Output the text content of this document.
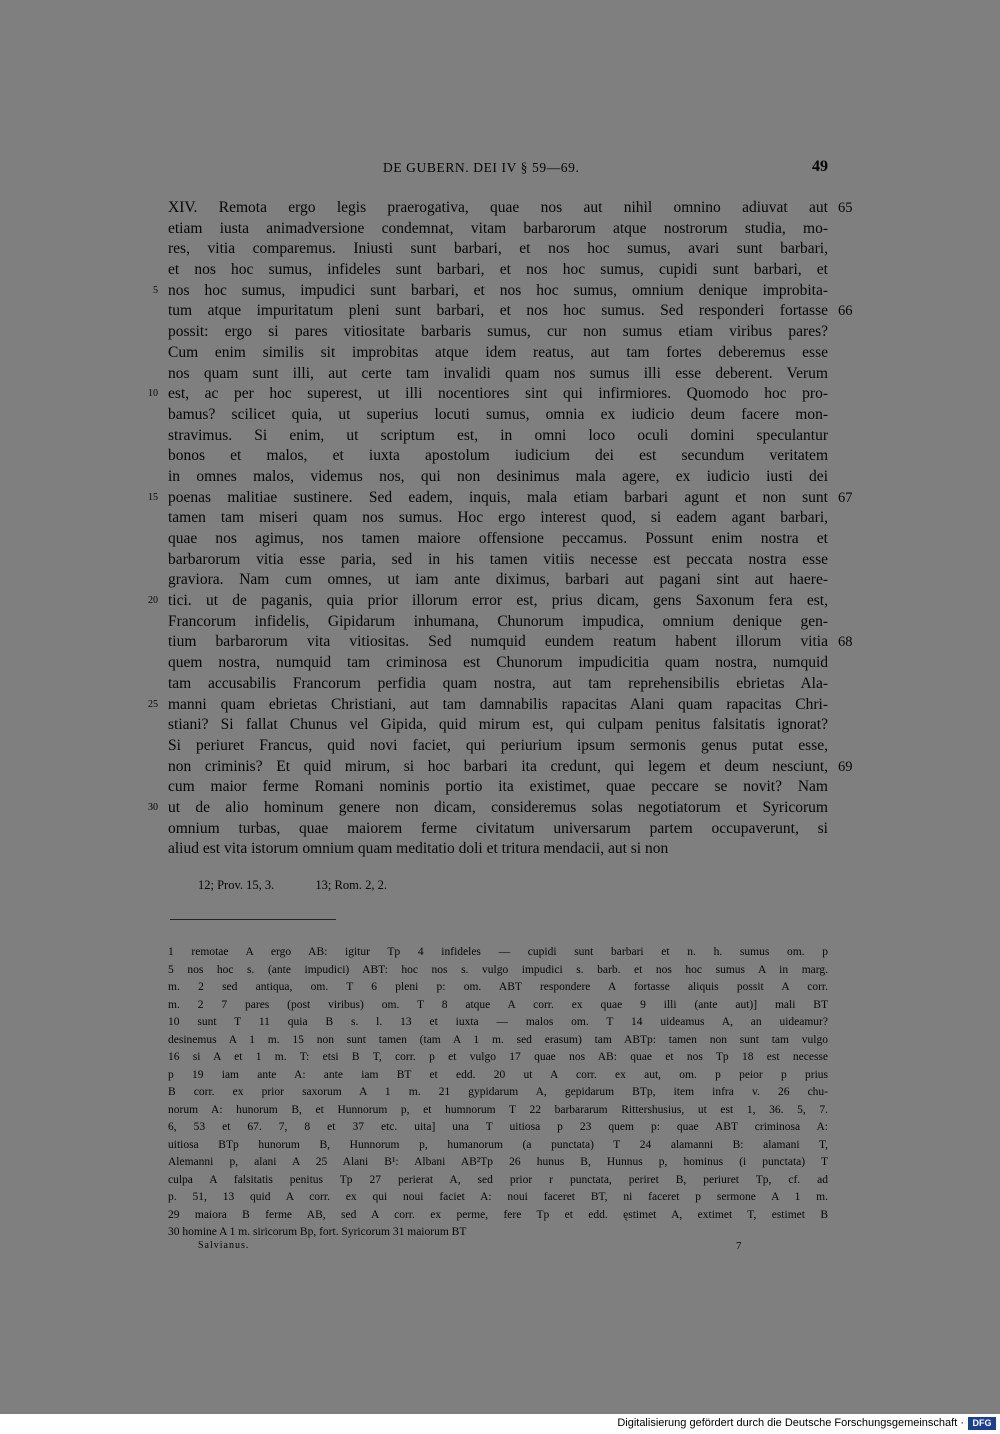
DE GUBERN. DEI IV § 59—69.	49
XIV. Remota ergo legis praerogativa, quae nos aut nihil omnino adiuvat aut 65
etiam iusta animadversione condemnat, vitam barbarorum atque nostrorum studia, mo-
res, vitia comparemus. Iniusti sunt barbari, et nos hoc sumus, avari sunt barbari,
et nos hoc sumus, infideles sunt barbari, et nos hoc sumus, cupidi sunt barbari, et
nos hoc sumus, impudici sunt barbari, et nos hoc sumus, omnium denique improbita-
5
tum atque impuritatum pleni sunt barbari, et nos hoc sumus. Sed responderi fortasse 66
possit: ergo si pares vitiositate barbaris sumus, cur non sumus etiam viribus pares?
Cum enim similis sit improbitas atque idem reatus, aut tam fortes deberemus esse
nos quam sunt illi, aut certe tam invalidi quam nos sumus illi esse deberent. Verum
est, ac per hoc superest, ut illi nocentiores sint qui infirmiores. Quomodo hoc pro-
10
bamus? scilicet quia, ut superius locuti sumus, omnia ex iudicio deum facere mon-
stravimus. Si enim, ut scriptum est, in omni loco oculi domini speculantur
bonos et malos, et iuxta apostolum iudicium dei est secundum veritatem
in omnes malos, videmus nos, qui non desinimus mala agere, ex iudicio iusti dei
poenas malitiae sustinere. Sed eadem, inquis, mala etiam barbari agunt et non sunt
15	67
tamen tam miseri quam nos sumus. Hoc ergo interest quod, si eadem agant barbari,
quae nos agimus, nos tamen maiore offensione peccamus. Possunt enim nostra et
barbarorum vitia esse paria, sed in his tamen vitiis necesse est peccata nostra esse
graviora. Nam cum omnes, ut iam ante diximus, barbari aut pagani sint aut haere-
tici. ut de paganis, quia prior illorum error est, prius dicam, gens Saxonum fera est,
20
Francorum infidelis, Gipidarum inhumana, Chunorum impudica, omnium denique gen-
tium barbarorum vita vitiositas. Sed numquid eundem reatum habent illorum vitia 68
quem nostra, numquid tam criminosa est Chunorum impudicitia quam nostra, numquid
tam accusabilis Francorum perfidia quam nostra, aut tam reprehensibilis ebrietas Ala-
manni quam ebrietas Christiani, aut tam damnabilis rapacitas Alani quam rapacitas Chri-
25
stiani? Si fallat Chunus vel Gipida, quid mirum est, qui culpam penitus falsitatis ignorat?
Si periuret Francus, quid novi faciet, qui periurium ipsum sermonis genus putat esse,
non criminis? Et quid mirum, si hoc barbari ita credunt, qui legem et deum nesciunt, 69
cum maior ferme Romani nominis portio ita existimet, quae peccare se novit? Nam
ut de alio hominum genere non dicam, consideremus solas negotiatorum et Syricorum
30
omnium turbas, quae maiorem ferme civitatum universarum partem occupaverunt, si
aliud est vita istorum omnium quam meditatio doli et tritura mendacii, aut si non
12; Prov. 15, 3.	13; Rom. 2, 2.
1 remotae A ergo AB: igitur Tp 4 infideles — cupidi sunt barbari et n. h. sumus om. p
5 nos hoc s. (ante impudici) ABT: hoc nos s. vulgo impudici s. barb. et nos hoc sumus A in marg.
m. 2 sed antiqua, om. T 6 pleni p: om. ABT respondere A fortasse aliquis possit A corr.
m. 2 7 pares (post viribus) om. T 8 atque A corr. ex quae 9 illi (ante aut)] mali BT
10 sunt T 11 quia B s. l. 13 et iuxta — malos om. T 14 uideamus A, an uideamur?
desinemus A 1 m. 15 non sunt tamen (tam A 1 m. sed erasum) tam ABTp: tamen non sunt tam vulgo
16 si A et 1 m. T: etsi B T, corr. p et vulgo 17 quae nos AB: quae et nos Tp 18 est necesse
p 19 iam ante A: ante iam BT et edd. 20 ut A corr. ex aut, om. p peior p prius
B corr. ex prior saxorum A 1 m. 21 gypidarum A, gepidarum BTp, item infra v. 26 chu-
norum A: hunorum B, et Hunnorum p, et humnorum T 22 barbararum Rittershusius, ut est 1, 36. 5, 7.
6, 53 et 67. 7, 8 et 37 etc. uita] una T uitiosa p 23 quem p: quae ABT criminosa A:
uitiosa BTp hunorum B, Hunnorum p, humanorum (a punctata) T 24 alamanni B: alamani T,
Alemanni p, alani A 25 Alani B¹: Albani AB²Tp 26 hunus B, Hunnus p, hominus (i punctata) T
culpa A falsitatis penitus Tp 27 perierat A, sed prior r punctata, periret B, periuret Tp, cf. ad
p. 51, 13 quid A corr. ex qui noui faciet A: noui faceret BT, ni faceret p sermone A 1 m.
29 maiora B ferme AB, sed A corr. ex perme, fere Tp et edd. ęstimet A, extimet T, estimet B
30 homine A 1 m. siricorum Bp, fort. Syricorum 31 maiorum BT
Salvianus.	7
Digitalisierung gefördert durch die Deutsche Forschungsgemeinschaft · DFG
